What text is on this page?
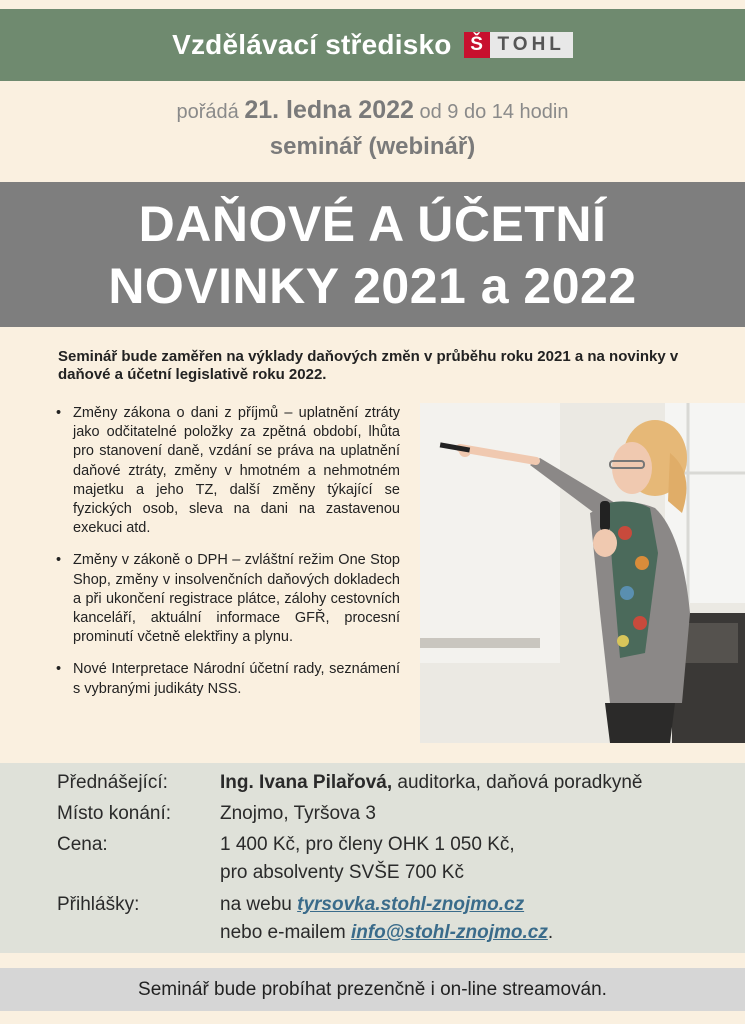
Vzdělávací středisko Š TOHL
pořádá 21. ledna 2022 od 9 do 14 hodin
seminář (webinář)
DAŇOVÉ A ÚČETNÍ
NOVINKY 2021 a 2022
Seminář bude zaměřen na výklady daňových změn v průběhu roku 2021 a na novinky v daňové a účetní legislativě roku 2022.
• Změny zákona o dani z příjmů – uplatnění ztráty jako odčitatelné položky za zpětná období, lhůta pro stanovení daně, vzdání se práva na uplatnění daňové ztráty, změny v hmotném a nehmotném majetku a jeho TZ, další změny týkající se fyzických osob, sleva na dani na zastavenou exekuci atd.
• Změny v zákoně o DPH – zvláštní režim One Stop Shop, změny v insolvenčních daňových dokladech a při ukončení registrace plátce, zálohy cestovních kanceláří, aktuální informace GFŘ, procesní prominutí včetně elektřiny a plynu.
• Nové Interpretace Národní účetní rady, seznámení s vybranými judikáty NSS.
Přednášející:	Ing. Ivana Pilařová, auditorka, daňová poradkyně
Místo konání:	Znojmo, Tyršova 3
Cena:	1 400 Kč, pro členy OHK 1 050 Kč,
pro absolventy SVŠE 700 Kč
Přihlášky:	na webu tyrsovka.stohl-znojmo.cz
nebo e-mailem info@stohl-znojmo.cz.
Seminář bude probíhat prezenčně i on-line streamován.
